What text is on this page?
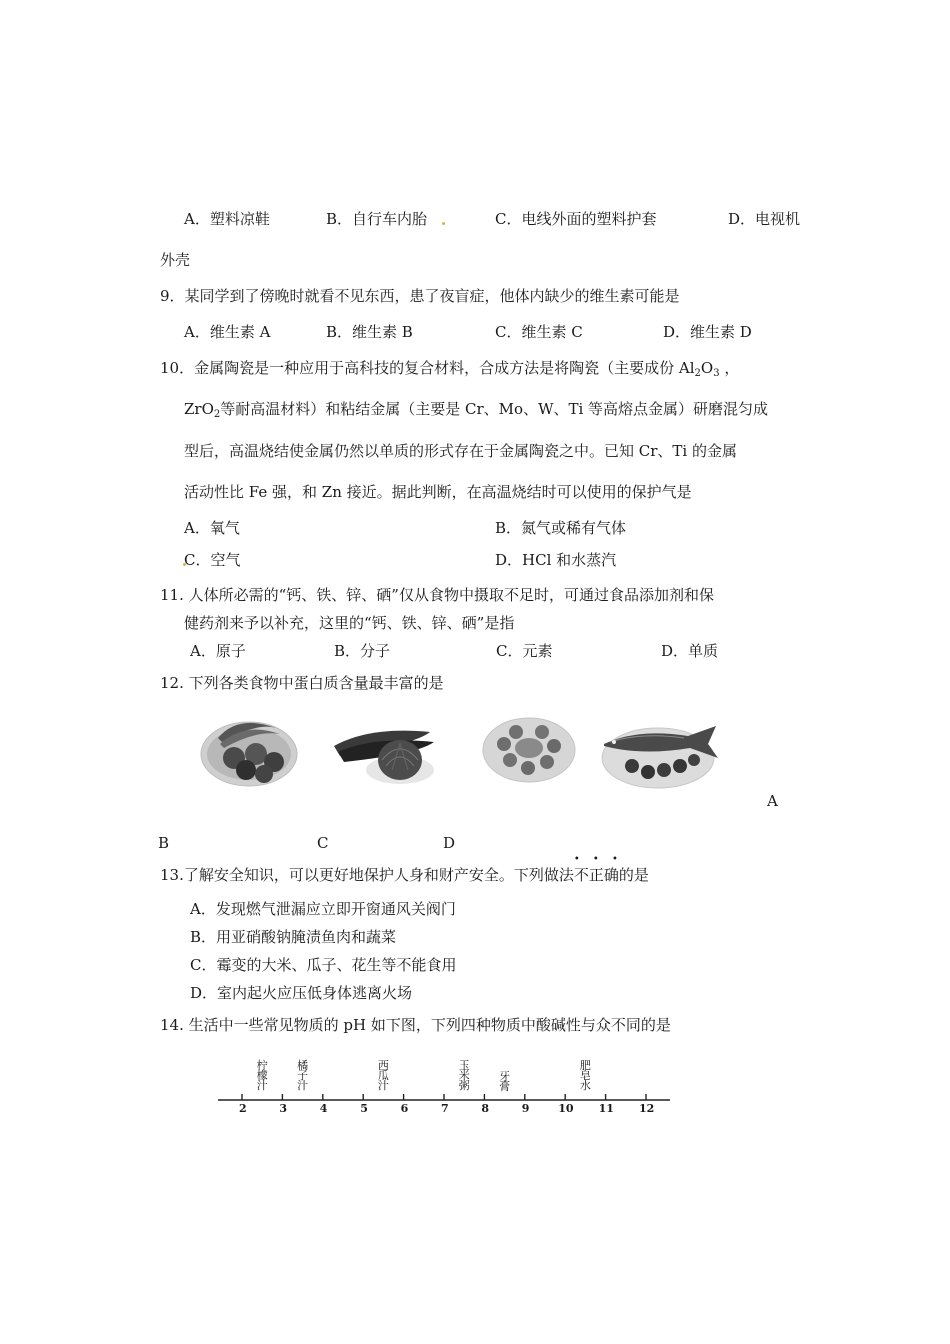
A．塑料凉鞋	B．自行车内胎	C．电线外面的塑料护套	D．电视机
外壳
9．某同学到了傍晚时就看不见东西，患了夜盲症，他体内缺少的维生素可能是
A．维生素 A	B．维生素 B	C．维生素 C	D．维生素 D
10．金属陶瓷是一种应用于高科技的复合材料，合成方法是将陶瓷（主要成份 $Al_2O_3$ ，
ZrO$_2$等耐高温材料）和粘结金属（主要是 Cr、Mo、W、Ti 等高熔点金属）研磨混匀成
型后，高温烧结使金属仍然以单质的形式存在于金属陶瓷之中。已知 Cr、Ti 的金属
活动性比 Fe 强，和 Zn 接近。据此判断，在高温烧结时可以使用的保护气是
A．氧气	B．氮气或稀有气体
C．空气	D．HCl 和水蒸汽
11. 人体所必需的“钙、铁、锌、硒”仅从食物中摄取不足时，可通过食品添加剂和保
健药剂来予以补充，这里的“钙、铁、锌、硒”是指
A．原子	B．分子	C．元素	D．单质
12. 下列各类食物中蛋白质含量最丰富的是
A
B	C	D
13.了解安全知识，可以更好地保护人身和财产安全。下列做法
• • •
不正确的是
A．发现燃气泄漏应立即开窗通风关阀门
B．用亚硝酸钠腌渍鱼肉和蔬菜
C．霉变的大米、瓜子、花生等不能食用
D．室内起火应压低身体逃离火场
14. 生活中一些常见物质的 pH 如下图，下列四种物质中酸碱性与众不同的是
2	3	4	5	6	7	8	9	10 11 12
柠檬汁
橘子汁
西瓜汁
玉米粥
牙膏
肥皂水
